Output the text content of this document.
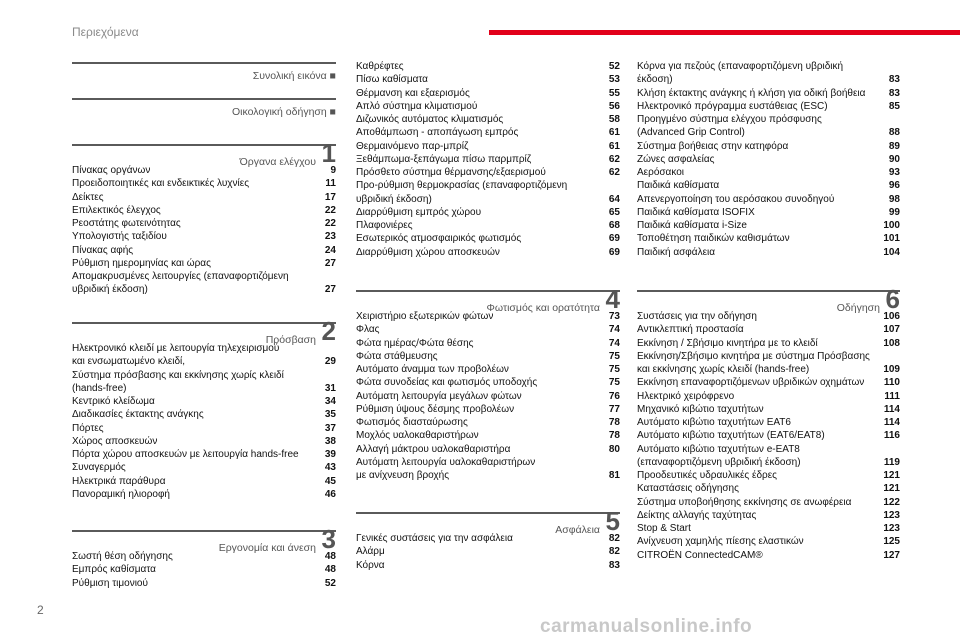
Περιεχόμενα
2
carmanualsonline.info
Συνολική εικόνα ■
Οικολογική οδήγηση ■
1
Όργανα ελέγχου
Πίνακας οργάνων	9
Προειδοποιητικές και ενδεικτικές λυχνίες	11
Δείκτες	17
Επιλεκτικός έλεγχος	22
Ρεοστάτης φωτεινότητας	22
Υπολογιστής ταξιδίου	23
Πίνακας αφής	24
Ρύθμιση ημερομηνίας και ώρας	27
Απομακρυσμένες λειτουργίες (επαναφορτιζόμενη
υβριδική έκδοση)	27
2
Πρόσβαση
Ηλεκτρονικό κλειδί με λειτουργία τηλεχειρισμού
και ενσωματωμένο κλειδί,	29
Σύστημα πρόσβασης και εκκίνησης χωρίς κλειδί
(hands-free)	31
Κεντρικό κλείδωμα	34
Διαδικασίες έκτακτης ανάγκης	35
Πόρτες	37
Χώρος αποσκευών	38
Πόρτα χώρου αποσκευών με λειτουργία hands-free	39
Συναγερμός	43
Ηλεκτρικά παράθυρα	45
Πανοραμική ηλιοροφή	46
3
Εργονομία και άνεση
Σωστή θέση οδήγησης	48
Εμπρός καθίσματα	48
Ρύθμιση τιμονιού	52
Καθρέφτες	52
Πίσω καθίσματα	53
Θέρμανση και εξαερισμός	55
Απλό σύστημα κλιματισμού	56
Διζωνικός αυτόματος κλιματισμός	58
Αποθάμπωση - αποπάγωση εμπρός	61
Θερμαινόμενο παρ-μπρίζ	61
Ξεθάμπωμα-ξεπάγωμα πίσω παρμπρίζ	62
Πρόσθετο σύστημα θέρμανσης/εξαερισμού	62
Προ-ρύθμιση θερμοκρασίας (επαναφορτιζόμενη
υβριδική έκδοση)	64
Διαρρύθμιση εμπρός χώρου	65
Πλαφονιέρες	68
Εσωτερικός ατμοσφαιρικός φωτισμός	69
Διαρρύθμιση χώρου αποσκευών	69
4
Φωτισμός και ορατότητα
Χειριστήριο εξωτερικών φώτων	73
Φλας	74
Φώτα ημέρας/Φώτα θέσης	74
Φώτα στάθμευσης	75
Αυτόματο άναμμα των προβολέων	75
Φώτα συνοδείας και φωτισμός υποδοχής	75
Αυτόματη λειτουργία μεγάλων φώτων	76
Ρύθμιση ύψους δέσμης προβολέων	77
Φωτισμός διασταύρωσης	78
Μοχλός υαλοκαθαριστήρων	78
Αλλαγή μάκτρου υαλοκαθαριστήρα	80
Αυτόματη λειτουργία υαλοκαθαριστήρων
με ανίχνευση βροχής	81
5
Ασφάλεια
Γενικές συστάσεις για την ασφάλεια	82
Αλάρμ	82
Κόρνα	83
Κόρνα για πεζούς (επαναφορτιζόμενη υβριδική
έκδοση)	83
Κλήση έκτακτης ανάγκης ή κλήση για οδική βοήθεια 83
Ηλεκτρονικό πρόγραμμα ευστάθειας (ESC)	85
Προηγμένο σύστημα ελέγχου πρόσφυσης
(Advanced Grip Control)	88
Σύστημα βοήθειας στην κατηφόρα	89
Ζώνες ασφαλείας	90
Αερόσακοι	93
Παιδικά καθίσματα	96
Απενεργοποίηση του αερόσακου συνοδηγού	98
Παιδικά καθίσματα ISOFIX	99
Παιδικά καθίσματα i-Size	100
Τοποθέτηση παιδικών καθισμάτων	101
Παιδική ασφάλεια	104
6
Οδήγηση
Συστάσεις για την οδήγηση	106
Αντικλεπτική προστασία	107
Εκκίνηση / Σβήσιμο κινητήρα με το κλειδί	108
Εκκίνηση/Σβήσιμο κινητήρα με σύστημα Πρόσβασης
και εκκίνησης χωρίς κλειδί (hands-free)	109
Εκκίνηση επαναφορτιζόμενων υβριδικών οχημάτων 110
Ηλεκτρικό χειρόφρενο	111
Μηχανικό κιβώτιο ταχυτήτων	114
Αυτόματο κιβώτιο ταχυτήτων EAT6	114
Αυτόματο κιβώτιο ταχυτήτων (EAT6/EAT8)	116
Αυτόματο κιβώτιο ταχυτήτων e-EAT8
(επαναφορτιζόμενη υβριδική έκδοση)	119
Προοδευτικές υδραυλικές έδρες	121
Καταστάσεις οδήγησης	121
Σύστημα υποβοήθησης εκκίνησης σε ανωφέρεια	122
Δείκτης αλλαγής ταχύτητας	123
Stop & Start	123
Ανίχνευση χαμηλής πίεσης ελαστικών	125
CITROËN ConnectedCAM®	127
